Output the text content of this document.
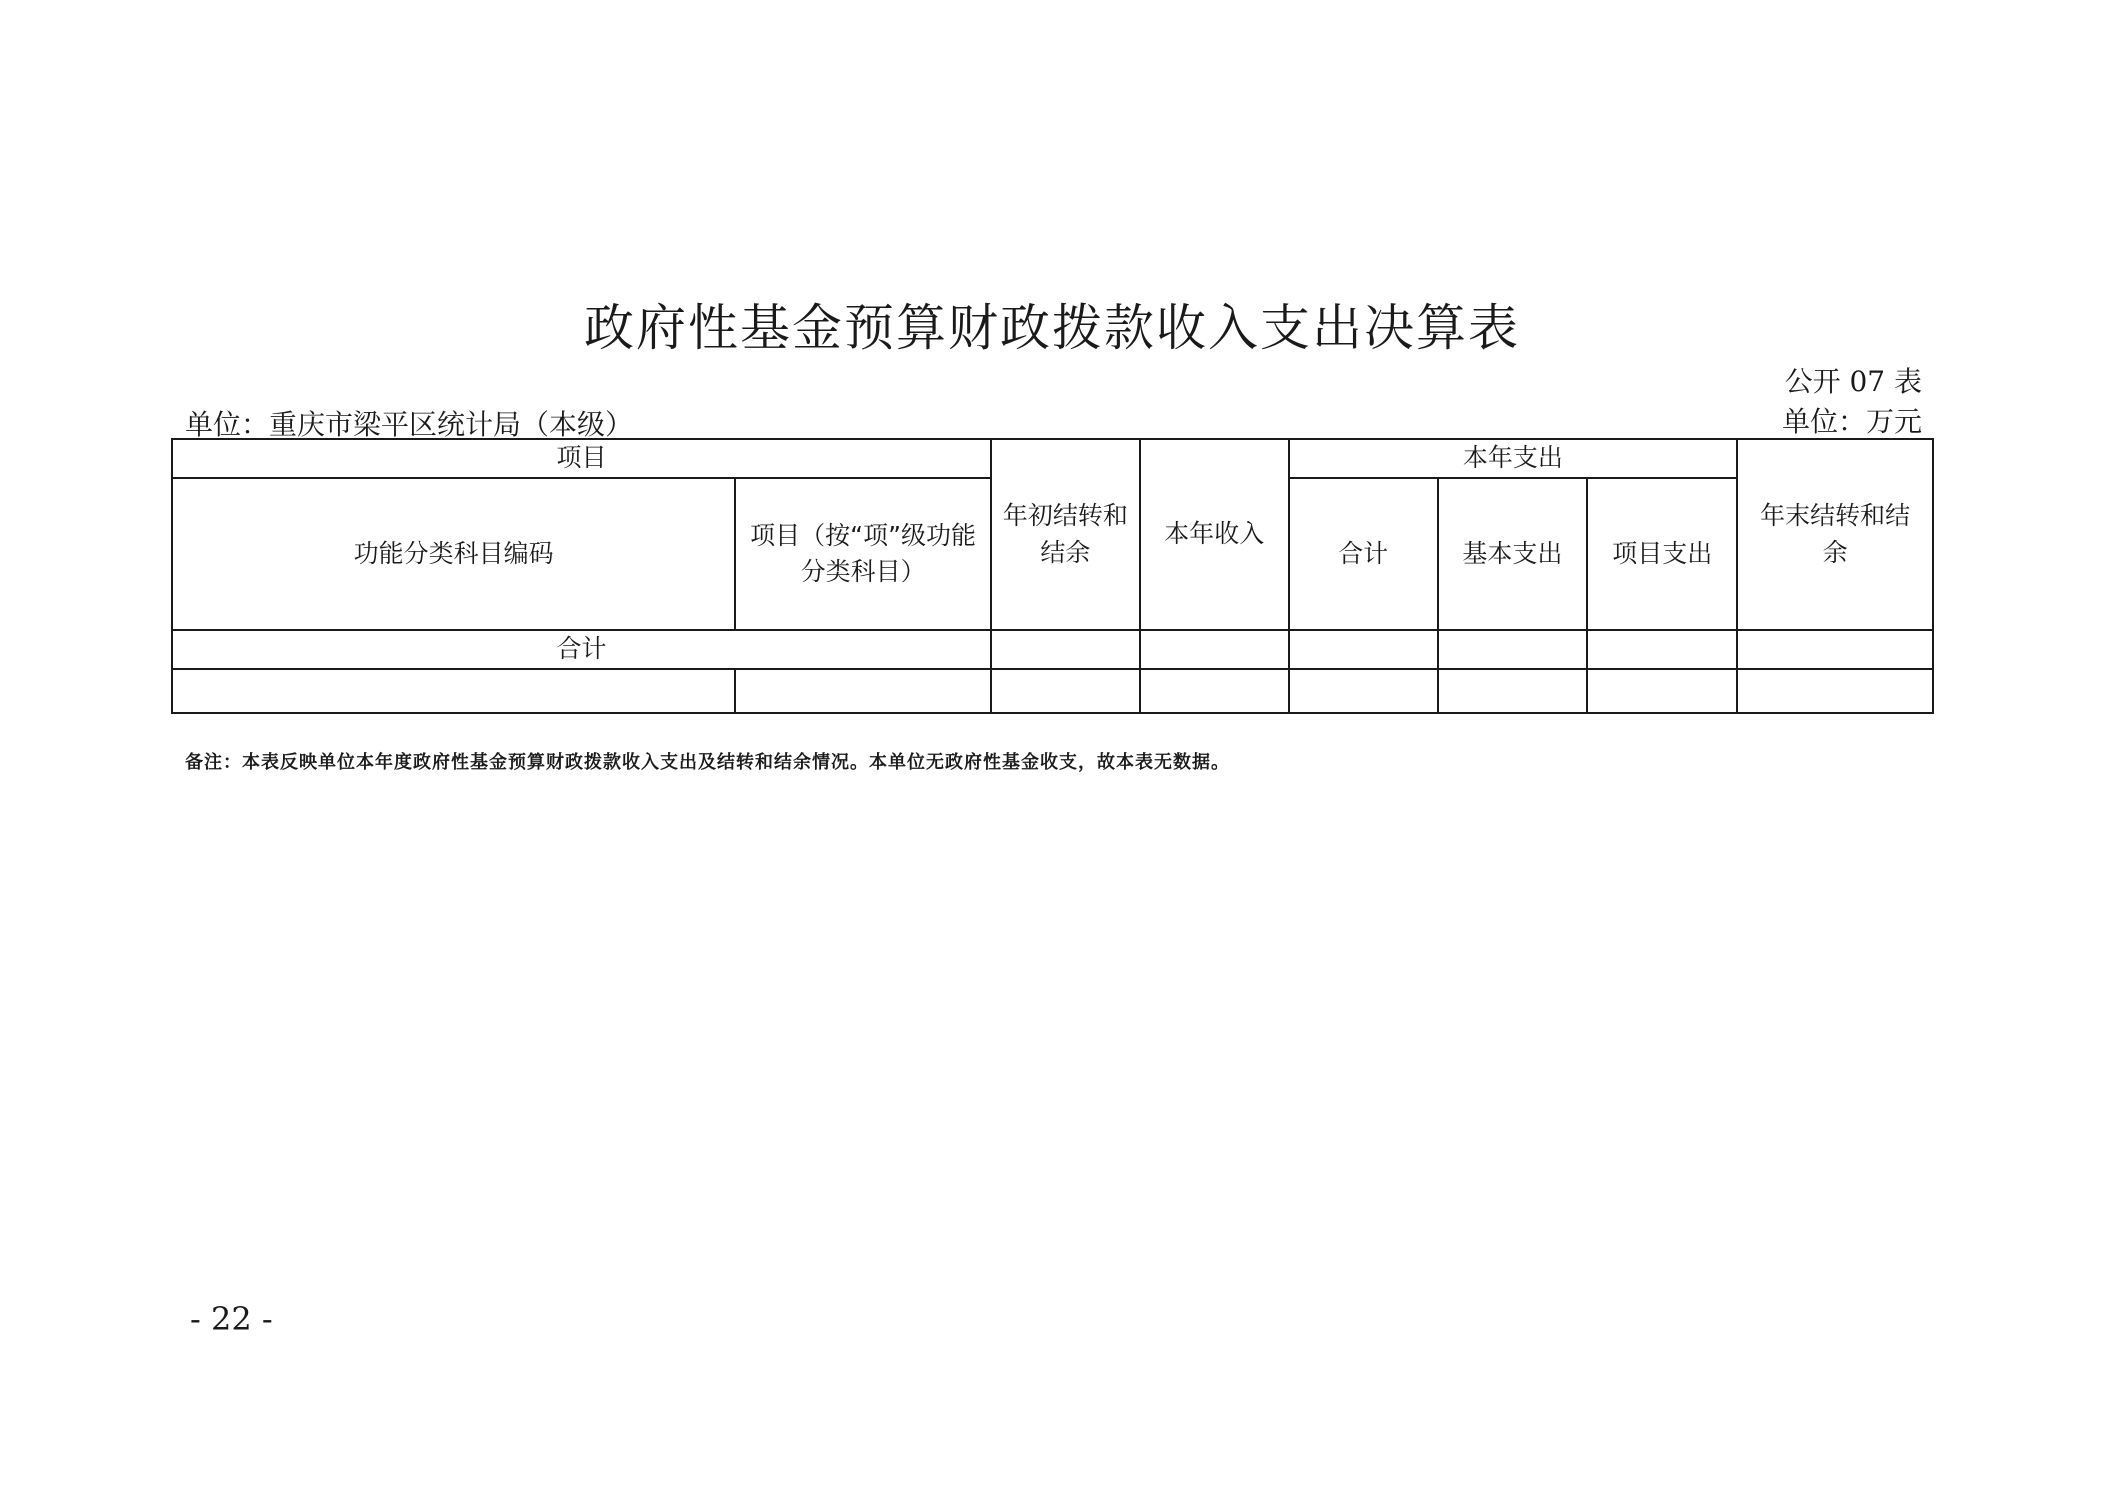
政府性基金预算财政拨款收入支出决算表
公开 07 表
单位：重庆市梁平区统计局（本级）	单位：万元
项目		年初结转和结余	本年收入	本年支出			年末结转和结余
功能分类科目编码	项目（按“项”级功能分类科目）			合计	基本支出	项目支出	
合计							

备注：本表反映单位本年度政府性基金预算财政拨款收入支出及结转和结余情况。本单位无政府性基金收支，故本表无数据。
- 22 -
